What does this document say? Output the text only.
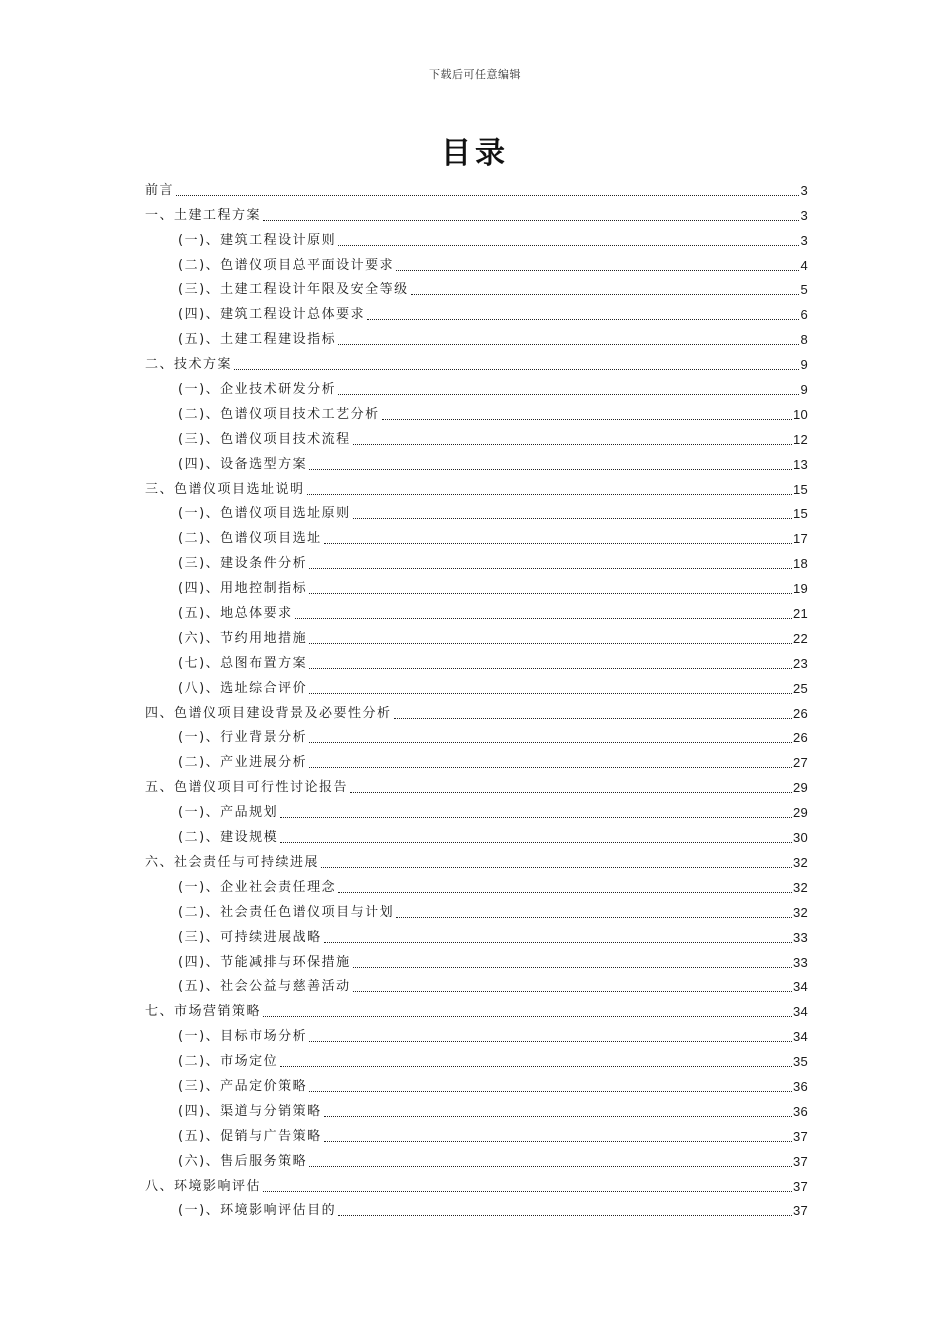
下载后可任意编辑
目录
前言	3
一、土建工程方案	3
(一)、建筑工程设计原则	3
(二)、色谱仪项目总平面设计要求	4
(三)、土建工程设计年限及安全等级	5
(四)、建筑工程设计总体要求	6
(五)、土建工程建设指标	8
二、技术方案	9
(一)、企业技术研发分析	9
(二)、色谱仪项目技术工艺分析	10
(三)、色谱仪项目技术流程	12
(四)、设备选型方案	13
三、色谱仪项目选址说明	15
(一)、色谱仪项目选址原则	15
(二)、色谱仪项目选址	17
(三)、建设条件分析	18
(四)、用地控制指标	19
(五)、地总体要求	21
(六)、节约用地措施	22
(七)、总图布置方案	23
(八)、选址综合评价	25
四、色谱仪项目建设背景及必要性分析	26
(一)、行业背景分析	26
(二)、产业进展分析	27
五、色谱仪项目可行性讨论报告	29
(一)、产品规划	29
(二)、建设规模	30
六、社会责任与可持续进展	32
(一)、企业社会责任理念	32
(二)、社会责任色谱仪项目与计划	32
(三)、可持续进展战略	33
(四)、节能减排与环保措施	33
(五)、社会公益与慈善活动	34
七、市场营销策略	34
(一)、目标市场分析	34
(二)、市场定位	35
(三)、产品定价策略	36
(四)、渠道与分销策略	36
(五)、促销与广告策略	37
(六)、售后服务策略	37
八、环境影响评估	37
(一)、环境影响评估目的	37
